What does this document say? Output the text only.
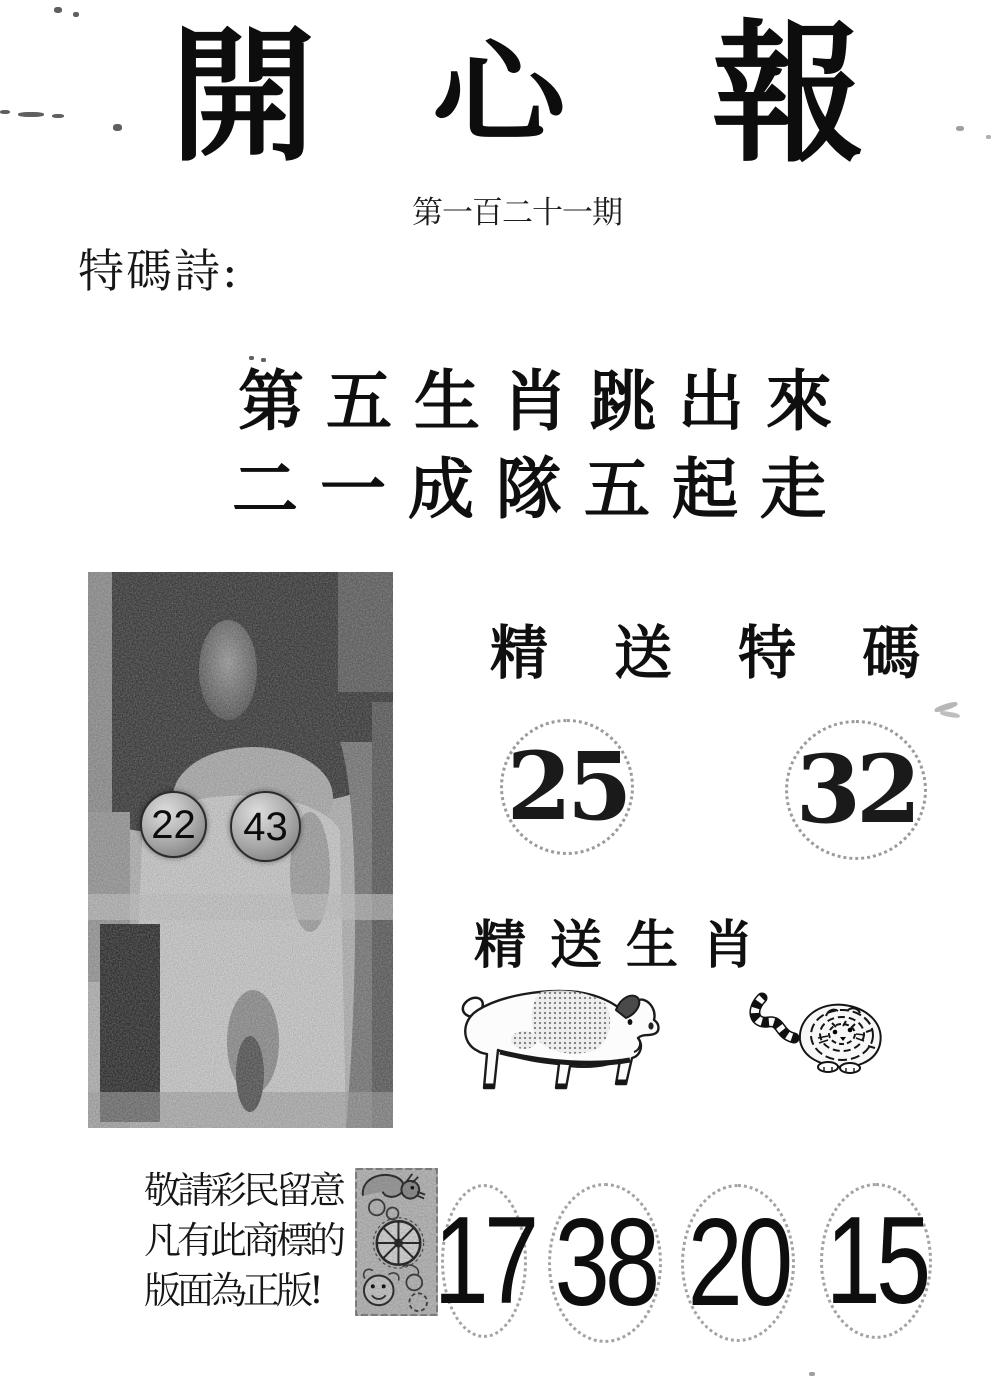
開 心 報
第一百二十一期
特碼詩:
第五生肖跳出來
二一成隊五起走
22 43
精送特碼
25 32
精送生肖
敬請彩民留意
凡有此商標的
版面為正版! 17 38 20 15
